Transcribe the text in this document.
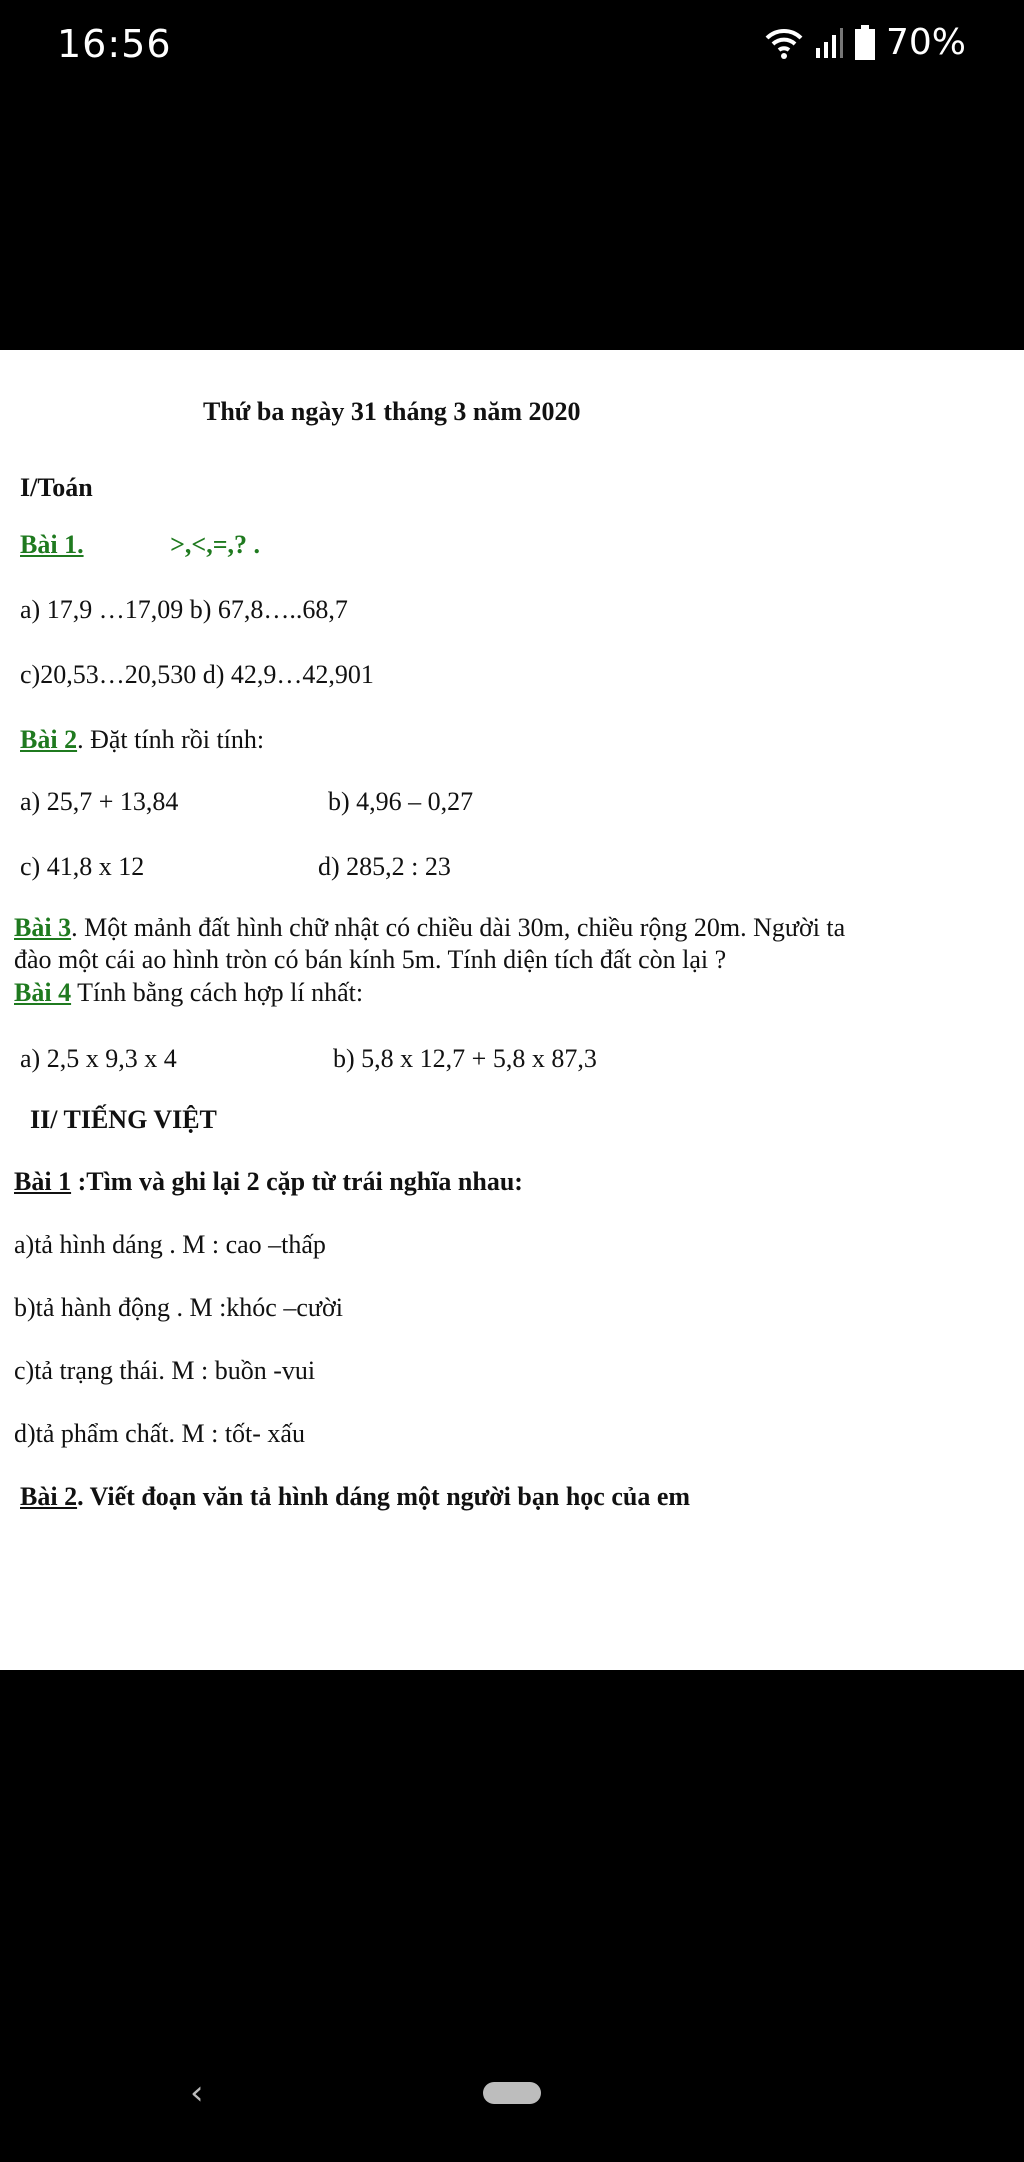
16:56	70%
Thứ ba ngày 31 tháng 3 năm 2020
I/Toán
Bài 1.	>,<,=,? .
a) 17,9 …17,09 b) 67,8…..68,7
c)20,53…20,530 d) 42,9…42,901
Bài 2. Đặt tính rồi tính:
a) 25,7 + 13,84	b) 4,96 – 0,27
c) 41,8 x 12	d) 285,2 : 23
Bài 3. Một mảnh đất hình chữ nhật có chiều dài 30m, chiều rộng 20m. Người ta
đào một cái ao hình tròn có bán kính 5m. Tính diện tích đất còn lại ?
Bài 4 Tính bằng cách hợp lí nhất:
a) 2,5 x 9,3 x 4	b) 5,8 x 12,7 + 5,8 x 87,3
II/ TIẾNG VIỆT
Bài 1 :Tìm và ghi lại 2 cặp từ trái nghĩa nhau:
a)tả hình dáng . M : cao –thấp
b)tả hành động . M :khóc –cười
c)tả trạng thái. M : buồn -vui
d)tả phẩm chất. M : tốt- xấu
Bài 2. Viết đoạn văn tả hình dáng một người bạn học của em
‹
